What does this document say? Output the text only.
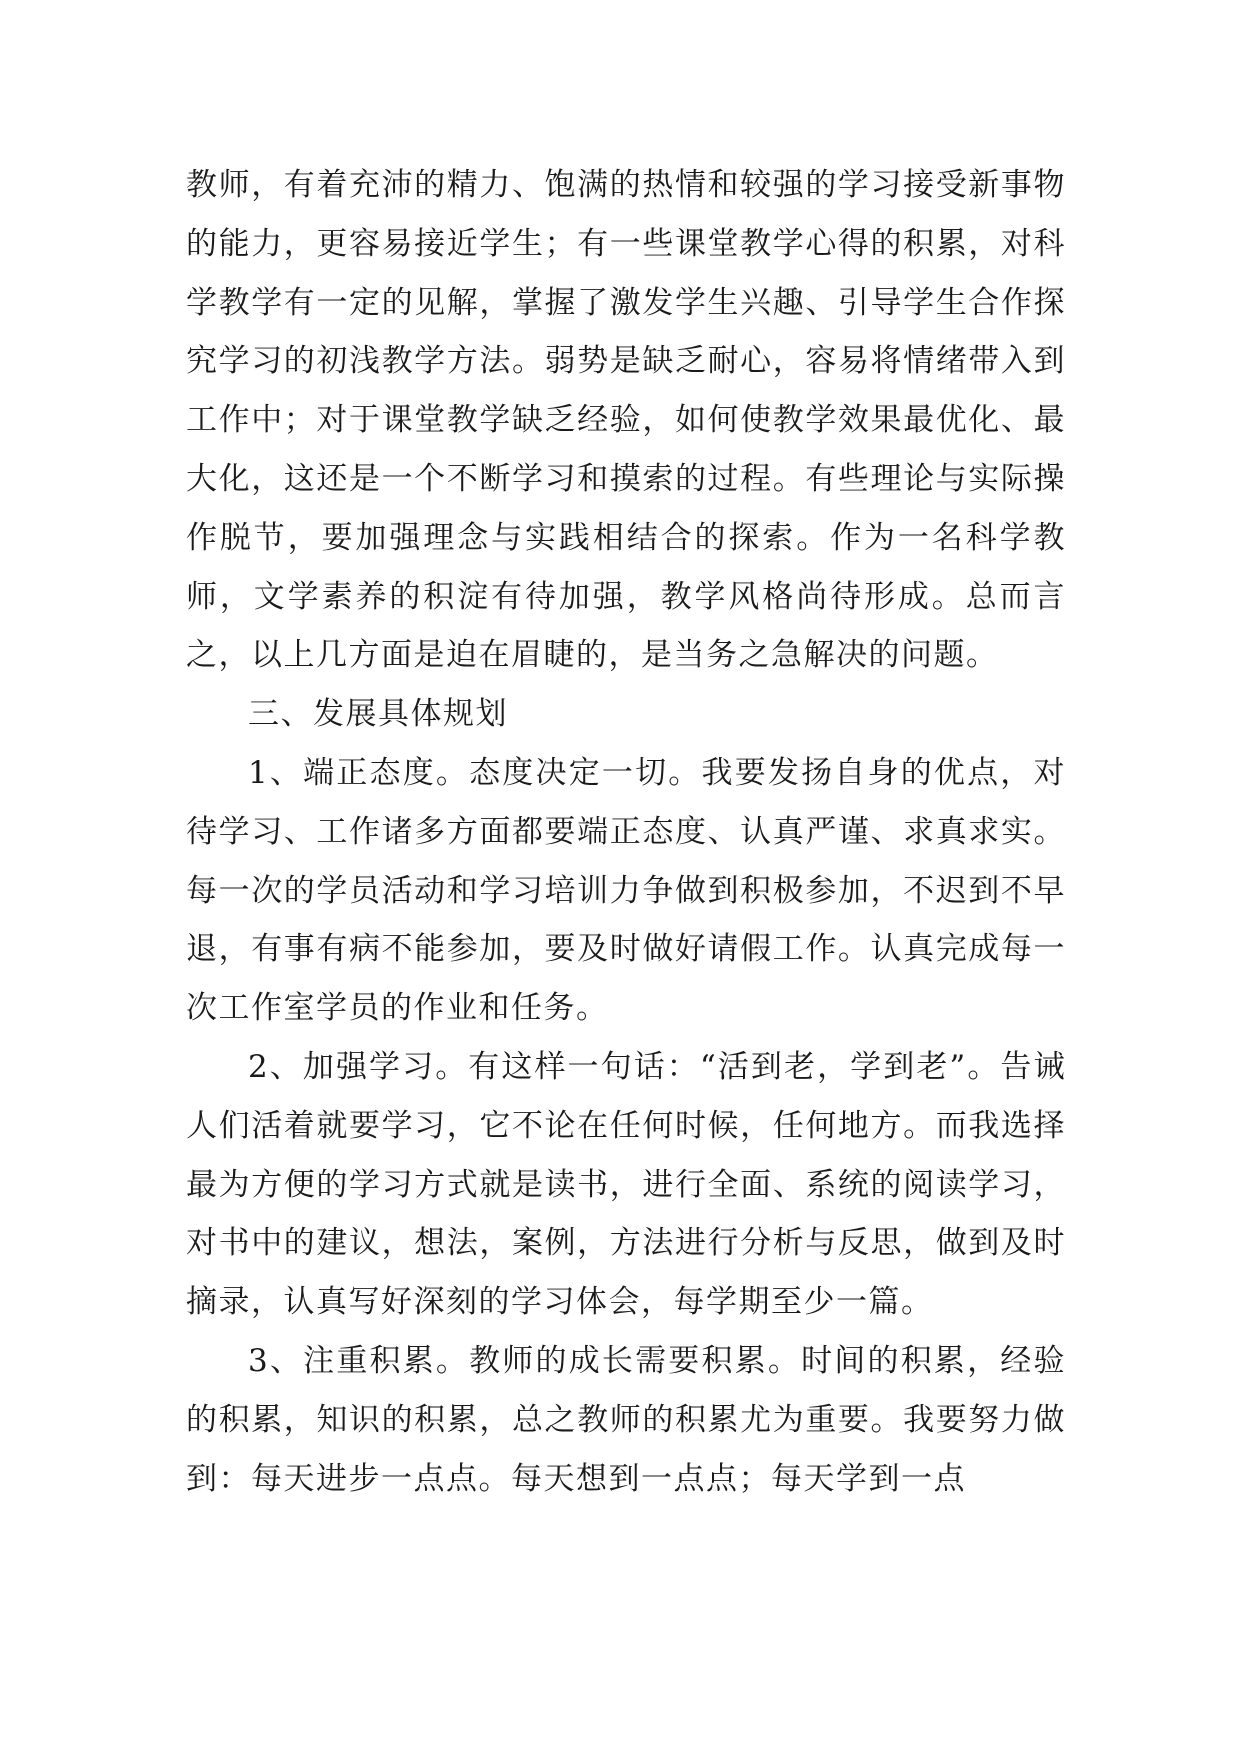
教师，有着充沛的精力、饱满的热情和较强的学习接受新事物的能力，更容易接近学生；有一些课堂教学心得的积累，对科学教学有一定的见解，掌握了激发学生兴趣、引导学生合作探究学习的初浅教学方法。弱势是缺乏耐心，容易将情绪带入到工作中；对于课堂教学缺乏经验，如何使教学效果最优化、最大化，这还是一个不断学习和摸索的过程。有些理论与实际操作脱节，要加强理念与实践相结合的探索。作为一名科学教师，文学素养的积淀有待加强，教学风格尚待形成。总而言之，以上几方面是迫在眉睫的，是当务之急解决的问题。

三、发展具体规划

1、端正态度。态度决定一切。我要发扬自身的优点，对待学习、工作诸多方面都要端正态度、认真严谨、求真求实。每一次的学员活动和学习培训力争做到积极参加，不迟到不早退，有事有病不能参加，要及时做好请假工作。认真完成每一次工作室学员的作业和任务。

2、加强学习。有这样一句话：“活到老，学到老”。告诫人们活着就要学习，它不论在任何时候，任何地方。而我选择最为方便的学习方式就是读书，进行全面、系统的阅读学习，对书中的建议，想法，案例，方法进行分析与反思，做到及时摘录，认真写好深刻的学习体会，每学期至少一篇。

3、注重积累。教师的成长需要积累。时间的积累，经验的积累，知识的积累，总之教师的积累尤为重要。我要努力做到：每天进步一点点。每天想到一点点；每天学到一点
